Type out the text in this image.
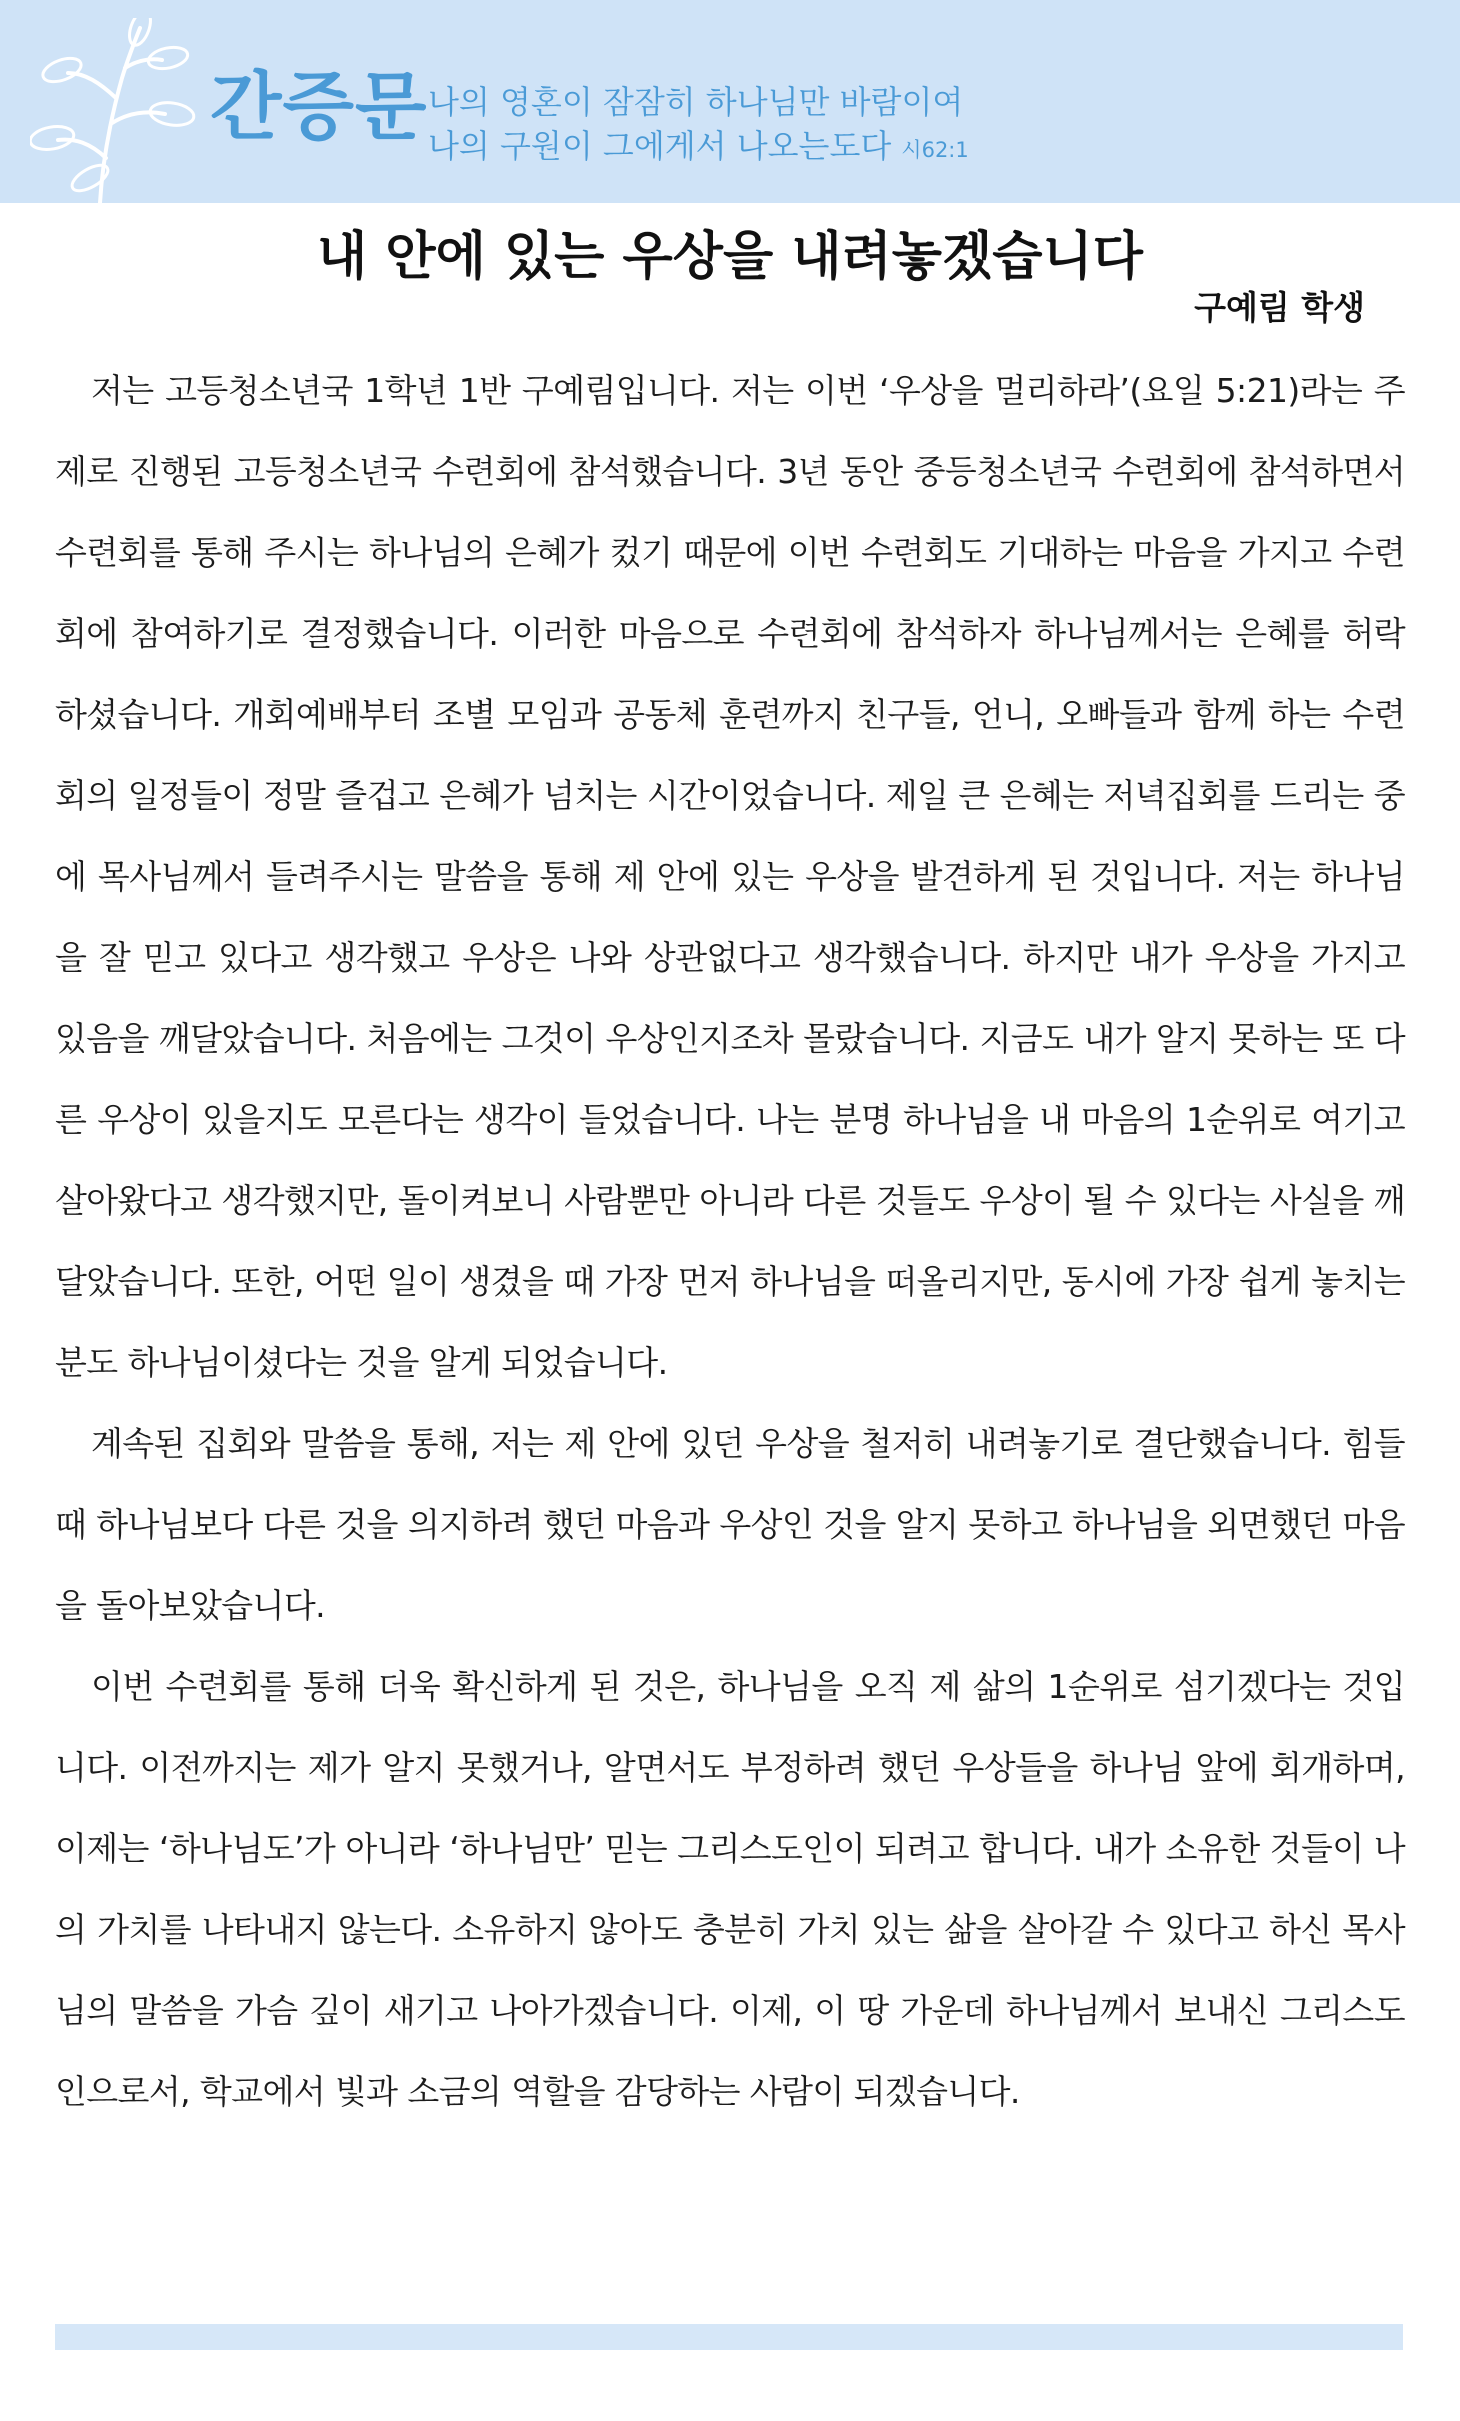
간증문 나의 영혼이 잠잠히 하나님만 바람이여
나의 구원이 그에게서 나오는도다 시62:1
내 안에 있는 우상을 내려놓겠습니다
구예림 학생

저는 고등청소년국 1학년 1반 구예림입니다. 저는 이번 ‘우상을 멀리하라’(요일 5:21)라는 주제로 진행된 고등청소년국 수련회에 참석했습니다. 3년 동안 중등청소년국 수련회에 참석하면서 수련회를 통해 주시는 하나님의 은혜가 컸기 때문에 이번 수련회도 기대하는 마음을 가지고 수련회에 참여하기로 결정했습니다. 이러한 마음으로 수련회에 참석하자 하나님께서는 은혜를 허락하셨습니다. 개회예배부터 조별 모임과 공동체 훈련까지 친구들, 언니, 오빠들과 함께 하는 수련회의 일정들이 정말 즐겁고 은혜가 넘치는 시간이었습니다. 제일 큰 은혜는 저녁집회를 드리는 중에 목사님께서 들려주시는 말씀을 통해 제 안에 있는 우상을 발견하게 된 것입니다. 저는 하나님을 잘 믿고 있다고 생각했고 우상은 나와 상관없다고 생각했습니다. 하지만 내가 우상을 가지고 있음을 깨달았습니다. 처음에는 그것이 우상인지조차 몰랐습니다. 지금도 내가 알지 못하는 또 다른 우상이 있을지도 모른다는 생각이 들었습니다. 나는 분명 하나님을 내 마음의 1순위로 여기고 살아왔다고 생각했지만, 돌이켜보니 사람뿐만 아니라 다른 것들도 우상이 될 수 있다는 사실을 깨달았습니다. 또한, 어떤 일이 생겼을 때 가장 먼저 하나님을 떠올리지만, 동시에 가장 쉽게 놓치는 분도 하나님이셨다는 것을 알게 되었습니다.

계속된 집회와 말씀을 통해, 저는 제 안에 있던 우상을 철저히 내려놓기로 결단했습니다. 힘들 때 하나님보다 다른 것을 의지하려 했던 마음과 우상인 것을 알지 못하고 하나님을 외면했던 마음을 돌아보았습니다.

이번 수련회를 통해 더욱 확신하게 된 것은, 하나님을 오직 제 삶의 1순위로 섬기겠다는 것입니다. 이전까지는 제가 알지 못했거나, 알면서도 부정하려 했던 우상들을 하나님 앞에 회개하며, 이제는 ‘하나님도’가 아니라 ‘하나님만’ 믿는 그리스도인이 되려고 합니다. 내가 소유한 것들이 나의 가치를 나타내지 않는다. 소유하지 않아도 충분히 가치 있는 삶을 살아갈 수 있다고 하신 목사님의 말씀을 가슴 깊이 새기고 나아가겠습니다. 이제, 이 땅 가운데 하나님께서 보내신 그리스도인으로서, 학교에서 빛과 소금의 역할을 감당하는 사람이 되겠습니다.
